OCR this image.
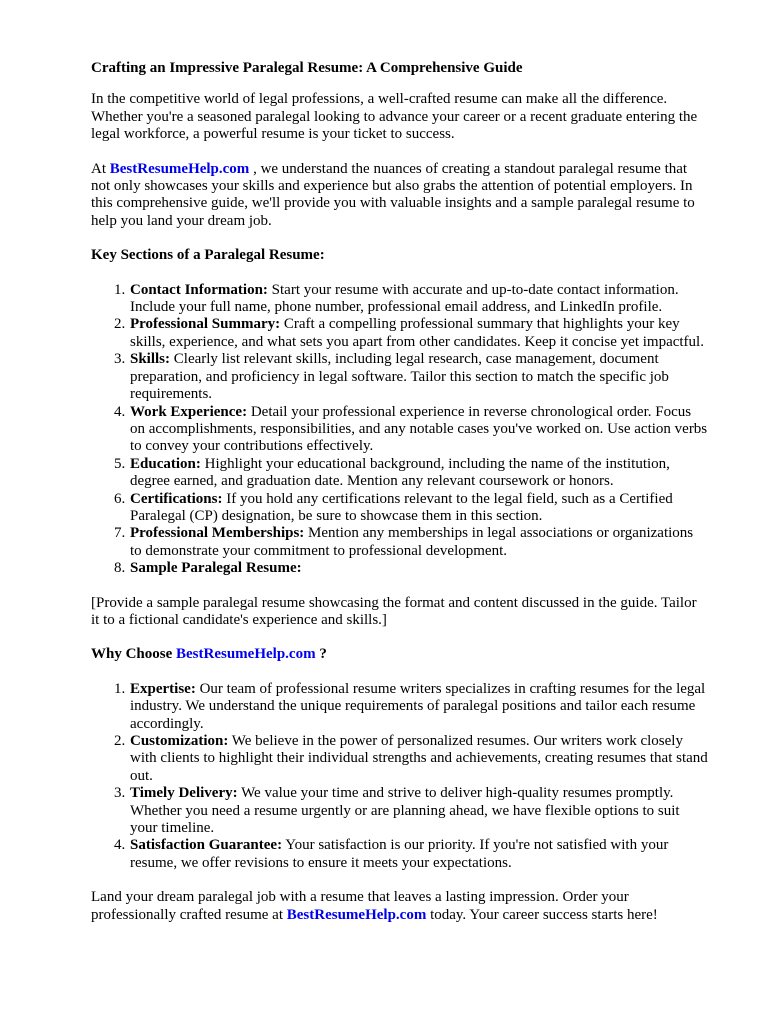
Crafting an Impressive Paralegal Resume: A Comprehensive Guide

In the competitive world of legal professions, a well-crafted resume can make all the difference. Whether you're a seasoned paralegal looking to advance your career or a recent graduate entering the legal workforce, a powerful resume is your ticket to success.

At BestResumeHelp.com , we understand the nuances of creating a standout paralegal resume that not only showcases your skills and experience but also grabs the attention of potential employers. In this comprehensive guide, we'll provide you with valuable insights and a sample paralegal resume to help you land your dream job.

Key Sections of a Paralegal Resume:
1. Contact Information: Start your resume with accurate and up-to-date contact information. Include your full name, phone number, professional email address, and LinkedIn profile.
2. Professional Summary: Craft a compelling professional summary that highlights your key skills, experience, and what sets you apart from other candidates. Keep it concise yet impactful.
3. Skills: Clearly list relevant skills, including legal research, case management, document preparation, and proficiency in legal software. Tailor this section to match the specific job requirements.
4. Work Experience: Detail your professional experience in reverse chronological order. Focus on accomplishments, responsibilities, and any notable cases you've worked on. Use action verbs to convey your contributions effectively.
5. Education: Highlight your educational background, including the name of the institution, degree earned, and graduation date. Mention any relevant coursework or honors.
6. Certifications: If you hold any certifications relevant to the legal field, such as a Certified Paralegal (CP) designation, be sure to showcase them in this section.
7. Professional Memberships: Mention any memberships in legal associations or organizations to demonstrate your commitment to professional development.
8. Sample Paralegal Resume:

[Provide a sample paralegal resume showcasing the format and content discussed in the guide. Tailor it to a fictional candidate's experience and skills.]

Why Choose BestResumeHelp.com ?
1. Expertise: Our team of professional resume writers specializes in crafting resumes for the legal industry. We understand the unique requirements of paralegal positions and tailor each resume accordingly.
2. Customization: We believe in the power of personalized resumes. Our writers work closely with clients to highlight their individual strengths and achievements, creating resumes that stand out.
3. Timely Delivery: We value your time and strive to deliver high-quality resumes promptly. Whether you need a resume urgently or are planning ahead, we have flexible options to suit your timeline.
4. Satisfaction Guarantee: Your satisfaction is our priority. If you're not satisfied with your resume, we offer revisions to ensure it meets your expectations.

Land your dream paralegal job with a resume that leaves a lasting impression. Order your professionally crafted resume at BestResumeHelp.com today. Your career success starts here!
